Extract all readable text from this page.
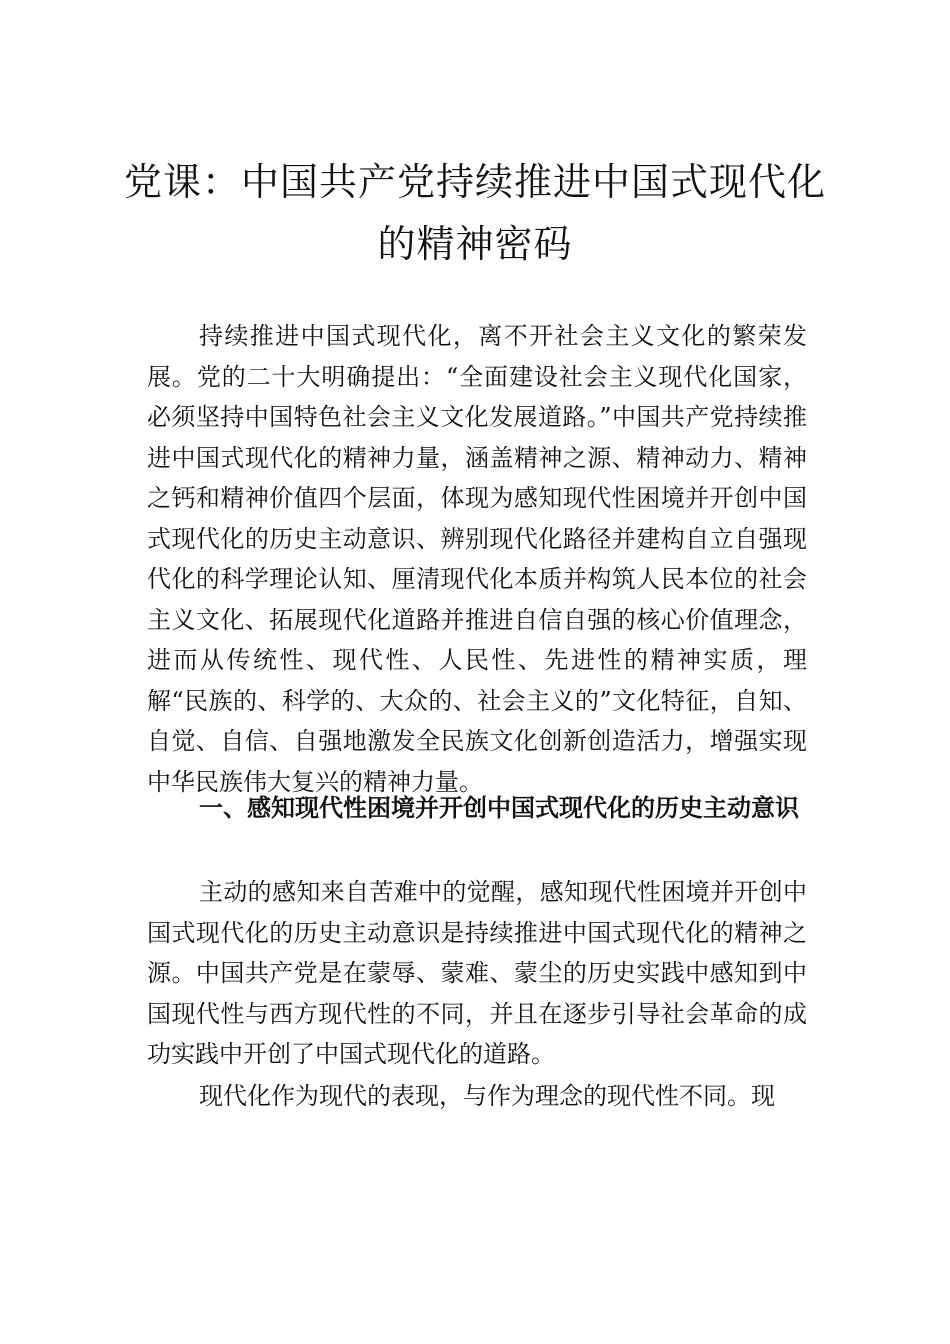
党课：中国共产党持续推进中国式现代化
的精神密码

持续推进中国式现代化，离不开社会主义文化的繁荣发展。党的二十大明确提出：“全面建设社会主义现代化国家，必须坚持中国特色社会主义文化发展道路。”中国共产党持续推进中国式现代化的精神力量，涵盖精神之源、精神动力、精神之钙和精神价值四个层面，体现为感知现代性困境并开创中国式现代化的历史主动意识、辨别现代化路径并建构自立自强现代化的科学理论认知、厘清现代化本质并构筑人民本位的社会主义文化、拓展现代化道路并推进自信自强的核心价值理念，进而从传统性、现代性、人民性、先进性的精神实质，理解“民族的、科学的、大众的、社会主义的”文化特征，自知、自觉、自信、自强地激发全民族文化创新创造活力，增强实现中华民族伟大复兴的精神力量。

一、感知现代性困境并开创中国式现代化的历史主动意识

主动的感知来自苦难中的觉醒，感知现代性困境并开创中国式现代化的历史主动意识是持续推进中国式现代化的精神之源。中国共产党是在蒙辱、蒙难、蒙尘的历史实践中感知到中国现代性与西方现代性的不同，并且在逐步引导社会革命的成功实践中开创了中国式现代化的道路。

现代化作为现代的表现，与作为理念的现代性不同。现
